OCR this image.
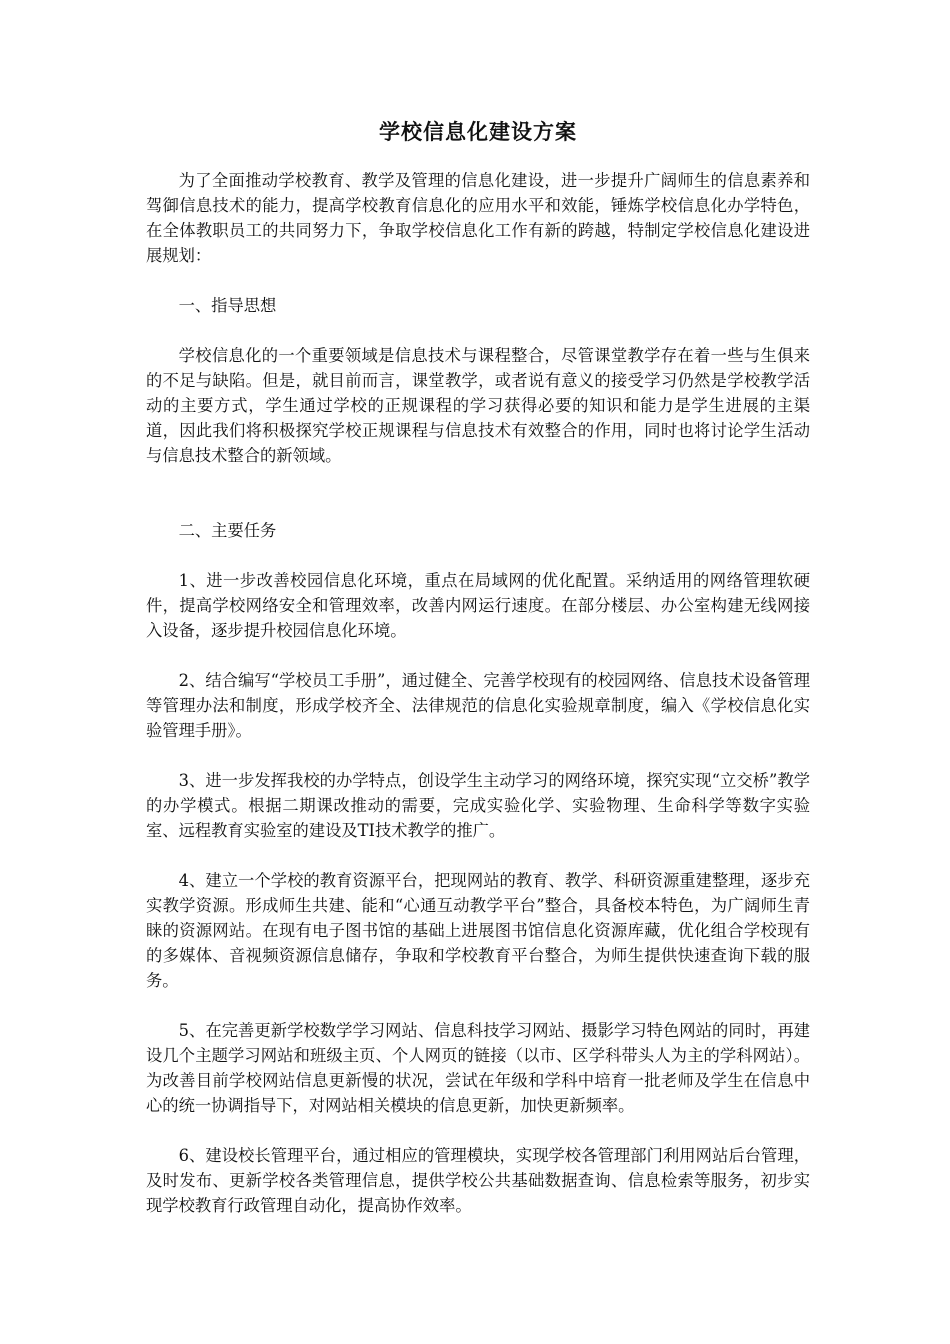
学校信息化建设方案

为了全面推动学校教育、教学及管理的信息化建设，进一步提升广阔师生的信息素养和驾御信息技术的能力，提高学校教育信息化的应用水平和效能，锤炼学校信息化办学特色，在全体教职员工的共同努力下，争取学校信息化工作有新的跨越，特制定学校信息化建设进展规划：

一、指导思想

学校信息化的一个重要领域是信息技术与课程整合，尽管课堂教学存在着一些与生俱来的不足与缺陷。但是，就目前而言，课堂教学，或者说有意义的接受学习仍然是学校教学活动的主要方式，学生通过学校的正规课程的学习获得必要的知识和能力是学生进展的主渠道，因此我们将积极探究学校正规课程与信息技术有效整合的作用，同时也将讨论学生活动与信息技术整合的新领域。

二、主要任务

1、进一步改善校园信息化环境，重点在局域网的优化配置。采纳适用的网络管理软硬件，提高学校网络安全和管理效率，改善内网运行速度。在部分楼层、办公室构建无线网接入设备，逐步提升校园信息化环境。

2、结合编写“学校员工手册”，通过健全、完善学校现有的校园网络、信息技术设备管理等管理办法和制度，形成学校齐全、法律规范的信息化实验规章制度，编入《学校信息化实验管理手册》。

3、进一步发挥我校的办学特点，创设学生主动学习的网络环境，探究实现“立交桥”教学的办学模式。根据二期课改推动的需要，完成实验化学、实验物理、生命科学等数字实验室、远程教育实验室的建设及TI技术教学的推广。

4、建立一个学校的教育资源平台，把现网站的教育、教学、科研资源重建整理，逐步充实教学资源。形成师生共建、能和“心通互动教学平台”整合，具备校本特色，为广阔师生青睐的资源网站。在现有电子图书馆的基础上进展图书馆信息化资源库藏，优化组合学校现有的多媒体、音视频资源信息储存，争取和学校教育平台整合，为师生提供快速查询下载的服务。

5、在完善更新学校数学学习网站、信息科技学习网站、摄影学习特色网站的同时，再建设几个主题学习网站和班级主页、个人网页的链接（以市、区学科带头人为主的学科网站）。为改善目前学校网站信息更新慢的状况，尝试在年级和学科中培育一批老师及学生在信息中心的统一协调指导下，对网站相关模块的信息更新，加快更新频率。

6、建设校长管理平台，通过相应的管理模块，实现学校各管理部门利用网站后台管理，及时发布、更新学校各类管理信息，提供学校公共基础数据查询、信息检索等服务，初步实现学校教育行政管理自动化，提高协作效率。
